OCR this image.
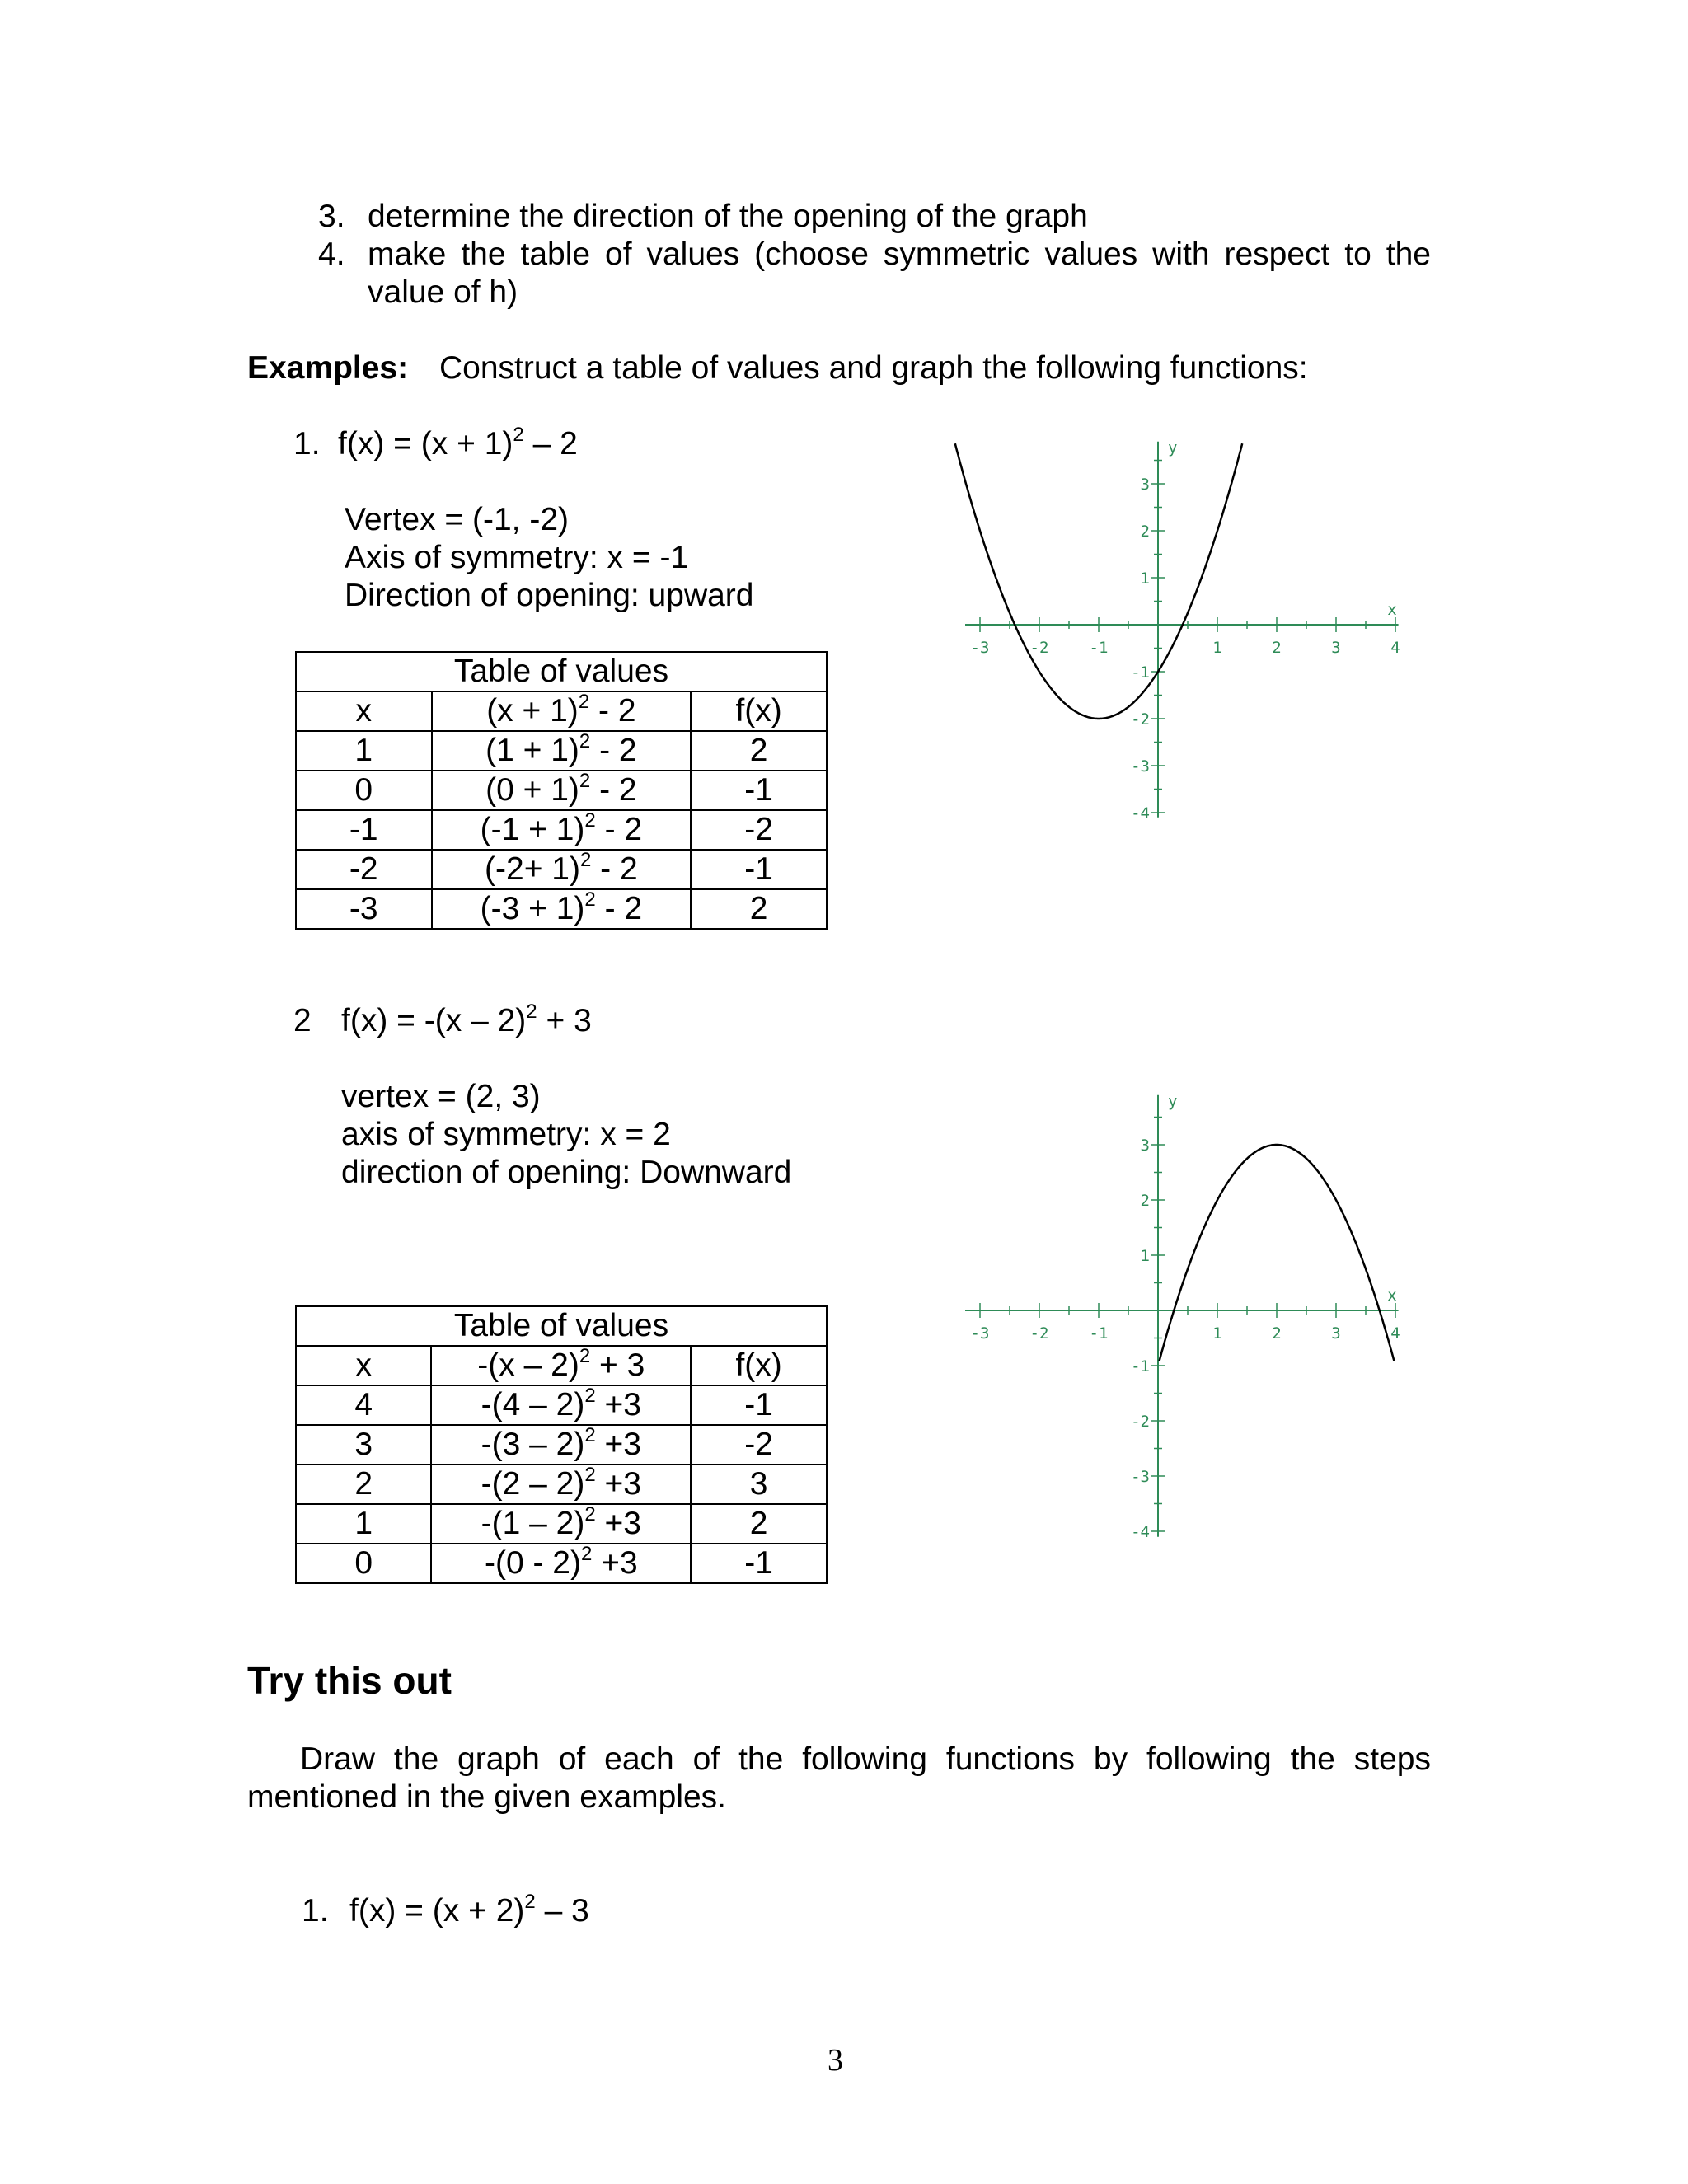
3. determine the direction of the opening of the graph
4. make the table of values (choose symmetric values with respect to the
value of h)
Examples: Construct a table of values and graph the following functions:
1. $f(x) = (x + 1)^2 - 2$
Vertex = (-1, -2)
Axis of symmetry: x = -1
Direction of opening: upward
Table of values		
x	$(x + 1)^2 - 2$	f(x)
1	$(1 + 1)^2 - 2$	2
0	$(0 + 1)^2 - 2$	-1
-1	$(-1 + 1)^2 - 2$	-2
-2	$(-2+ 1)^2 - 2$	-1
-3	$(-3 + 1)^2 - 2$	2
-3	-2	-1	1	2	3	4
3
2
1
-1
-2
-3
-4
x
y
2 f(x) = -(x – 2)$^2$ + 3
vertex = (2, 3)
axis of symmetry: x = 2
direction of opening: Downward
Table of values		
x	-(x – 2)$^2$ + 3	f(x)
4	-(4 – 2)$^2$ +3	-1
3	-(3 – 2)$^2$ +3	-2
2	-(2 – 2)$^2$ +3	3
1	-(1 – 2)$^2$ +3	2
0	-(0 - 2)$^2$ +3	-1
-3	-2	-1	1	2	3	4
3
2
1
-1
-2
-3
-4
x
y
Try this out
Draw the graph of each of the following functions by following the steps
mentioned in the given examples.
1. $f(x) = (x + 2)^2 - 3$
3
